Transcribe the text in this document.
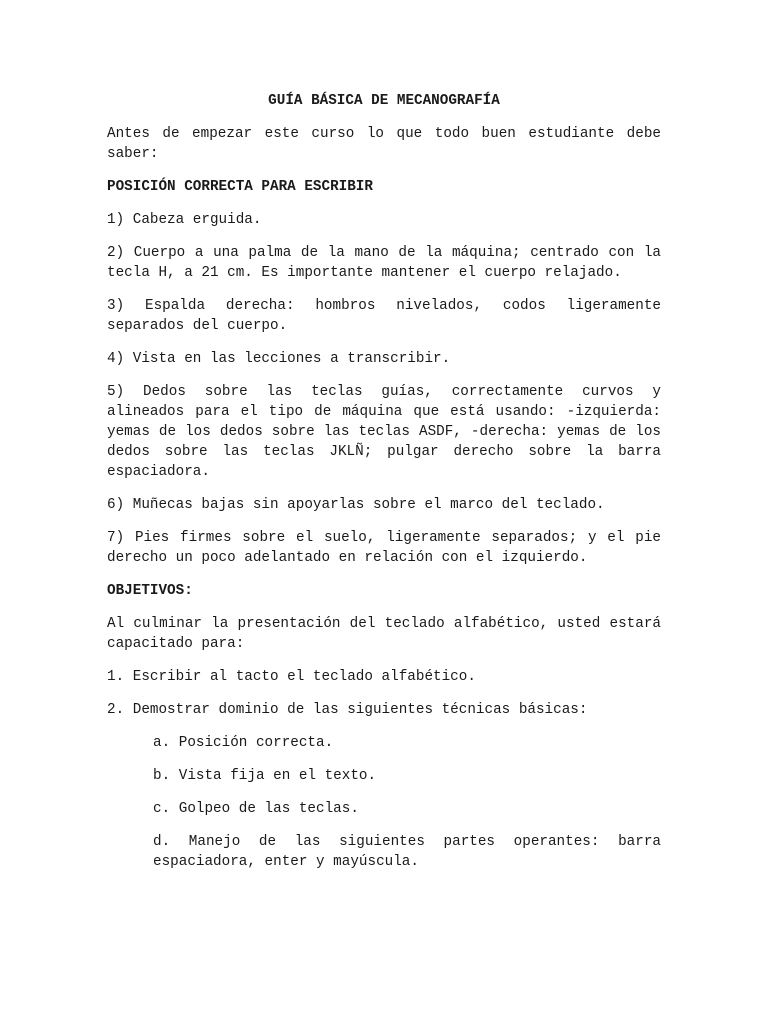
GUÍA BÁSICA DE MECANOGRAFÍA

Antes de empezar este curso lo que todo buen estudiante debe saber:

POSICIÓN CORRECTA PARA ESCRIBIR

1) Cabeza erguida.

2) Cuerpo a una palma de la mano de la máquina; centrado con la tecla H, a 21 cm. Es importante mantener el cuerpo relajado.

3) Espalda derecha: hombros nivelados, codos ligeramente separados del cuerpo.

4) Vista en las lecciones a transcribir.

5) Dedos sobre las teclas guías, correctamente curvos y alineados para el tipo de máquina que está usando: -izquierda: yemas de los dedos sobre las teclas ASDF, -derecha: yemas de los dedos sobre las teclas JKLÑ; pulgar derecho sobre la barra espaciadora.

6) Muñecas bajas sin apoyarlas sobre el marco del teclado.

7) Pies firmes sobre el suelo, ligeramente separados; y el pie derecho un poco adelantado en relación con el izquierdo.

OBJETIVOS:

Al culminar la presentación del teclado alfabético, usted estará capacitado para:

1. Escribir al tacto el teclado alfabético.

2. Demostrar dominio de las siguientes técnicas básicas:

a. Posición correcta.

b. Vista fija en el texto.

c. Golpeo de las teclas.

d. Manejo de las siguientes partes operantes: barra espaciadora, enter y mayúscula.
